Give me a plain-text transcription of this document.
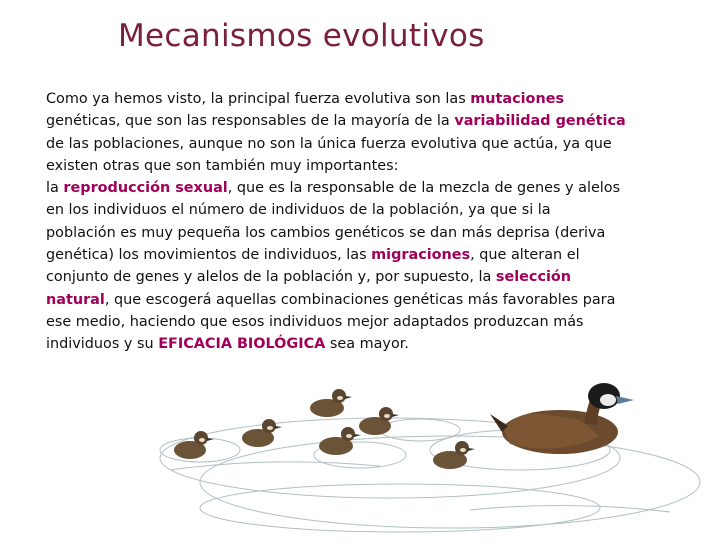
Mecanismos evolutivos
Como ya hemos visto, la principal fuerza evolutiva son las mutaciones
genéticas, que son las responsables de la mayoría de la variabilidad genética
de las poblaciones, aunque no son la única fuerza evolutiva que actúa, ya que
existen otras que son también muy importantes:
la reproducción sexual, que es la responsable de la mezcla de genes y alelos
en los individuos el número de individuos de la población, ya que si la
población es muy pequeña los cambios genéticos se dan más deprisa (deriva
genética) los movimientos de individuos, las migraciones, que alteran el
conjunto de genes y alelos de la población y, por supuesto, la selección
natural, que escogerá aquellas combinaciones genéticas más favorables para
ese medio, haciendo que esos individuos mejor adaptados produzcan más
individuos y su EFICACIA BIOLÓGICA sea mayor.
